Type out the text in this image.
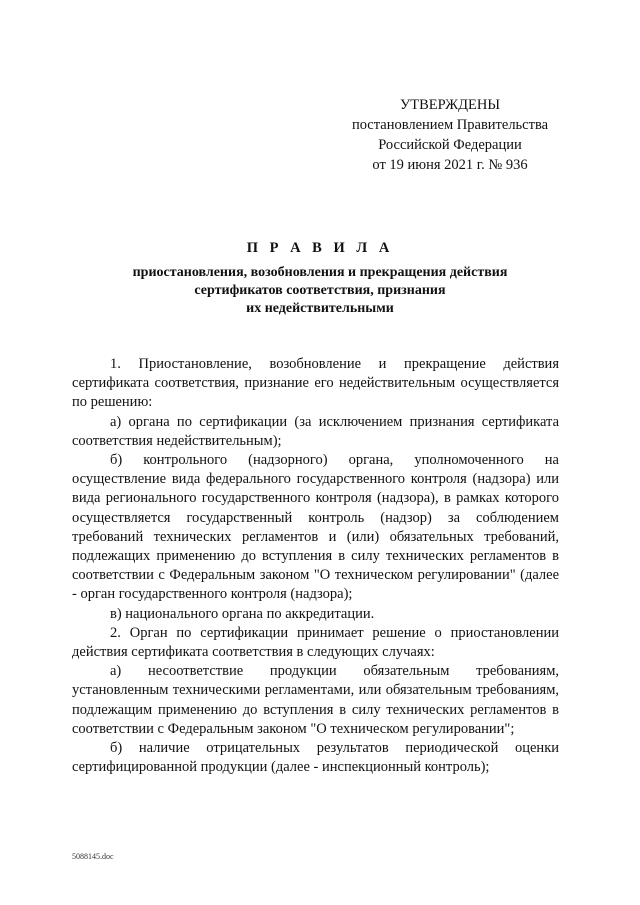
УТВЕРЖДЕНЫ
постановлением Правительства
Российской Федерации
от 19 июня 2021 г. № 936
П Р А В И Л А
приостановления, возобновления и прекращения действия
сертификатов соответствия, признания
их недействительными

1. Приостановление, возобновление и прекращение действия сертификата соответствия, признание его недействительным осуществляется по решению:

а) органа по сертификации (за исключением признания сертификата соответствия недействительным);

б) контрольного (надзорного) органа, уполномоченного на осуществление вида федерального государственного контроля (надзора) или вида регионального государственного контроля (надзора), в рамках которого осуществляется государственный контроль (надзор) за соблюдением требований технических регламентов и (или) обязательных требований, подлежащих применению до вступления в силу технических регламентов в соответствии с Федеральным законом "О техническом регулировании" (далее - орган государственного контроля (надзора);

в) национального органа по аккредитации.

2. Орган по сертификации принимает решение о приостановлении действия сертификата соответствия в следующих случаях:

а) несоответствие продукции обязательным требованиям, установленным техническими регламентами, или обязательным требованиям, подлежащим применению до вступления в силу технических регламентов в соответствии с Федеральным законом "О техническом регулировании";

б) наличие отрицательных результатов периодической оценки сертифицированной продукции (далее - инспекционный контроль);

5088145.doc
